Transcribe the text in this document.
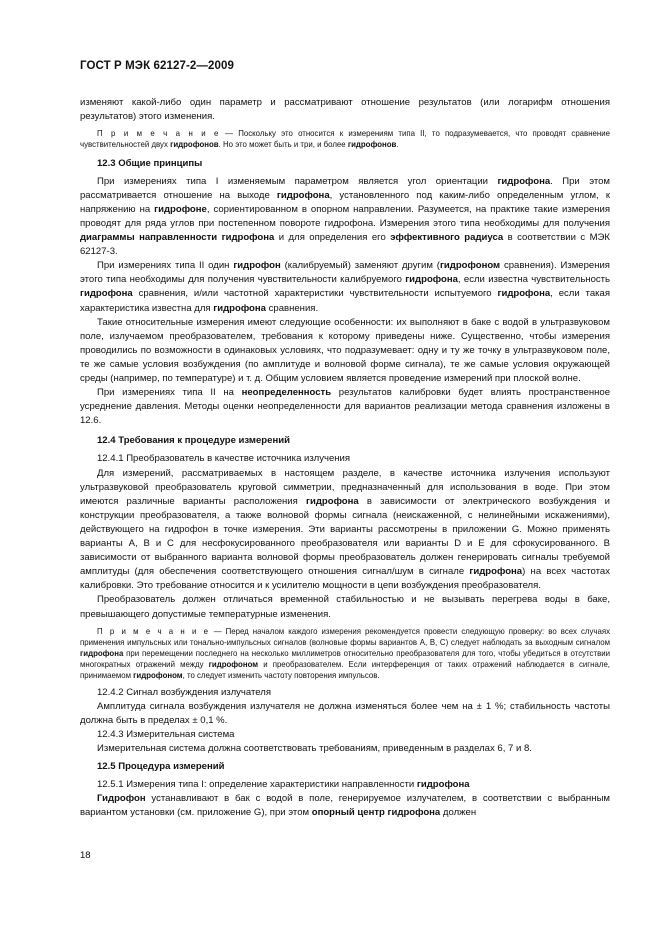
ГОСТ Р МЭК 62127-2—2009

изменяют какой-либо один параметр и рассматривают отношение результатов (или логарифм отношения результатов) этого изменения.

П р и м е ч а н и е — Поскольку это относится к измерениям типа II, то подразумевается, что проводят сравнение чувствительностей двух гидрофонов. Но это может быть и три, и более гидрофонов.

12.3 Общие принципы

При измерениях типа I изменяемым параметром является угол ориентации гидрофона. При этом рассматривается отношение на выходе гидрофона, установленного под каким-либо определенным углом, к напряжению на гидрофоне, сориентированном в опорном направлении. Разумеется, на практике такие измерения проводят для ряда углов при постепенном повороте гидрофона. Измерения этого типа необходимы для получения диаграммы направленности гидрофона и для определения его эффективного радиуса в соответствии с МЭК 62127-3.

При измерениях типа II один гидрофон (калибруемый) заменяют другим (гидрофоном сравнения). Измерения этого типа необходимы для получения чувствительности калибруемого гидрофона, если известна чувствительность гидрофона сравнения, и/или частотной характеристики чувствительности испытуемого гидрофона, если такая характеристика известна для гидрофона сравнения.

Такие относительные измерения имеют следующие особенности: их выполняют в баке с водой в ультразвуковом поле, излучаемом преобразователем, требования к которому приведены ниже. Существенно, чтобы измерения проводились по возможности в одинаковых условиях, что подразумевает: одну и ту же точку в ультразвуковом поле, те же самые условия возбуждения (по амплитуде и волновой форме сигнала), те же самые условия окружающей среды (например, по температуре) и т. д. Общим условием является проведение измерений при плоской волне.

При измерениях типа II на неопределенность результатов калибровки будет влиять пространственное усреднение давления. Методы оценки неопределенности для вариантов реализации метода сравнения изложены в 12.6.

12.4 Требования к процедуре измерений

12.4.1 Преобразователь в качестве источника излучения

Для измерений, рассматриваемых в настоящем разделе, в качестве источника излучения используют ультразвуковой преобразователь круговой симметрии, предназначенный для использования в воде. При этом имеются различные варианты расположения гидрофона в зависимости от электрического возбуждения и конструкции преобразователя, а также волновой формы сигнала (неискаженной, с нелинейными искажениями), действующего на гидрофон в точке измерения. Эти варианты рассмотрены в приложении G. Можно применять варианты A, B и C для несфокусированного преобразователя или варианты D и E для сфокусированного. В зависимости от выбранного варианта волновой формы преобразователь должен генерировать сигналы требуемой амплитуды (для обеспечения соответствующего отношения сигнал/шум в сигнале гидрофона) на всех частотах калибровки. Это требование относится и к усилителю мощности в цепи возбуждения преобразователя.

Преобразователь должен отличаться временной стабильностью и не вызывать перегрева воды в баке, превышающего допустимые температурные изменения.

П р и м е ч а н и е — Перед началом каждого измерения рекомендуется провести следующую проверку: во всех случаях применения импульсных или тонально-импульсных сигналов (волновые формы вариантов A, B, C) следует наблюдать за выходным сигналом гидрофона при перемещении последнего на несколько миллиметров относительно преобразователя для того, чтобы убедиться в отсутствии многократных отражений между гидрофоном и преобразователем. Если интерференция от таких отражений наблюдается в сигнале, принимаемом гидрофоном, то следует изменить частоту повторения импульсов.

12.4.2 Сигнал возбуждения излучателя

Амплитуда сигнала возбуждения излучателя не должна изменяться более чем на ± 1 %; стабильность частоты должна быть в пределах ± 0,1 %.

12.4.3 Измерительная система

Измерительная система должна соответствовать требованиям, приведенным в разделах 6, 7 и 8.

12.5 Процедура измерений

12.5.1 Измерения типа I: определение характеристики направленности гидрофона

Гидрофон устанавливают в бак с водой в поле, генерируемое излучателем, в соответствии с выбранным вариантом установки (см. приложение G), при этом опорный центр гидрофона должен

18
